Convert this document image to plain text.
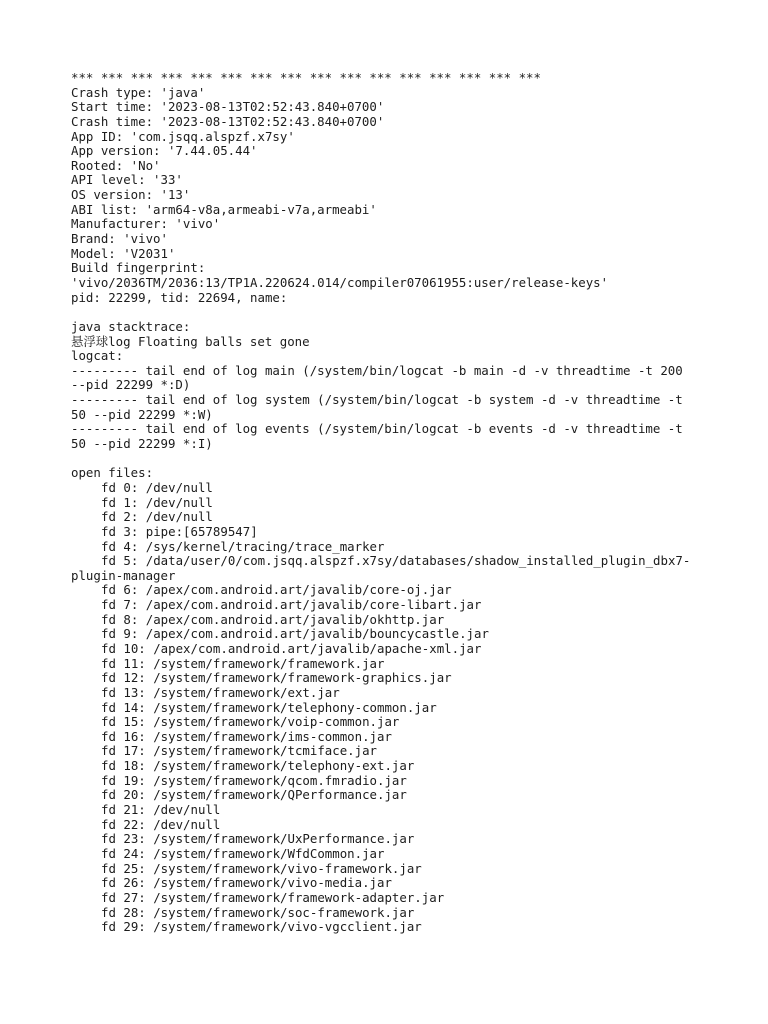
*** *** *** *** *** *** *** *** *** *** *** *** *** *** *** ***
Crash type: 'java'
Start time: '2023-08-13T02:52:43.840+0700'
Crash time: '2023-08-13T02:52:43.840+0700'
App ID: 'com.jsqq.alspzf.x7sy'
App version: '7.44.05.44'
Rooted: 'No'
API level: '33'
OS version: '13'
ABI list: 'arm64-v8a,armeabi-v7a,armeabi'
Manufacturer: 'vivo'
Brand: 'vivo'
Model: 'V2031'
Build fingerprint:
'vivo/2036TM/2036:13/TP1A.220624.014/compiler07061955:user/release-keys'
pid: 22299, tid: 22694, name:
java stacktrace:
悬浮球log Floating balls set gone
logcat:
--------- tail end of log main (/system/bin/logcat -b main -d -v threadtime -t 200
--pid 22299 *:D)
--------- tail end of log system (/system/bin/logcat -b system -d -v threadtime -t
50 --pid 22299 *:W)
--------- tail end of log events (/system/bin/logcat -b events -d -v threadtime -t
50 --pid 22299 *:I)
open files:
fd 0: /dev/null
fd 1: /dev/null
fd 2: /dev/null
fd 3: pipe:[65789547]
fd 4: /sys/kernel/tracing/trace_marker
fd 5: /data/user/0/com.jsqq.alspzf.x7sy/databases/shadow_installed_plugin_dbx7-
plugin-manager
fd 6: /apex/com.android.art/javalib/core-oj.jar
fd 7: /apex/com.android.art/javalib/core-libart.jar
fd 8: /apex/com.android.art/javalib/okhttp.jar
fd 9: /apex/com.android.art/javalib/bouncycastle.jar
fd 10: /apex/com.android.art/javalib/apache-xml.jar
fd 11: /system/framework/framework.jar
fd 12: /system/framework/framework-graphics.jar
fd 13: /system/framework/ext.jar
fd 14: /system/framework/telephony-common.jar
fd 15: /system/framework/voip-common.jar
fd 16: /system/framework/ims-common.jar
fd 17: /system/framework/tcmiface.jar
fd 18: /system/framework/telephony-ext.jar
fd 19: /system/framework/qcom.fmradio.jar
fd 20: /system/framework/QPerformance.jar
fd 21: /dev/null
fd 22: /dev/null
fd 23: /system/framework/UxPerformance.jar
fd 24: /system/framework/WfdCommon.jar
fd 25: /system/framework/vivo-framework.jar
fd 26: /system/framework/vivo-media.jar
fd 27: /system/framework/framework-adapter.jar
fd 28: /system/framework/soc-framework.jar
fd 29: /system/framework/vivo-vgcclient.jar
